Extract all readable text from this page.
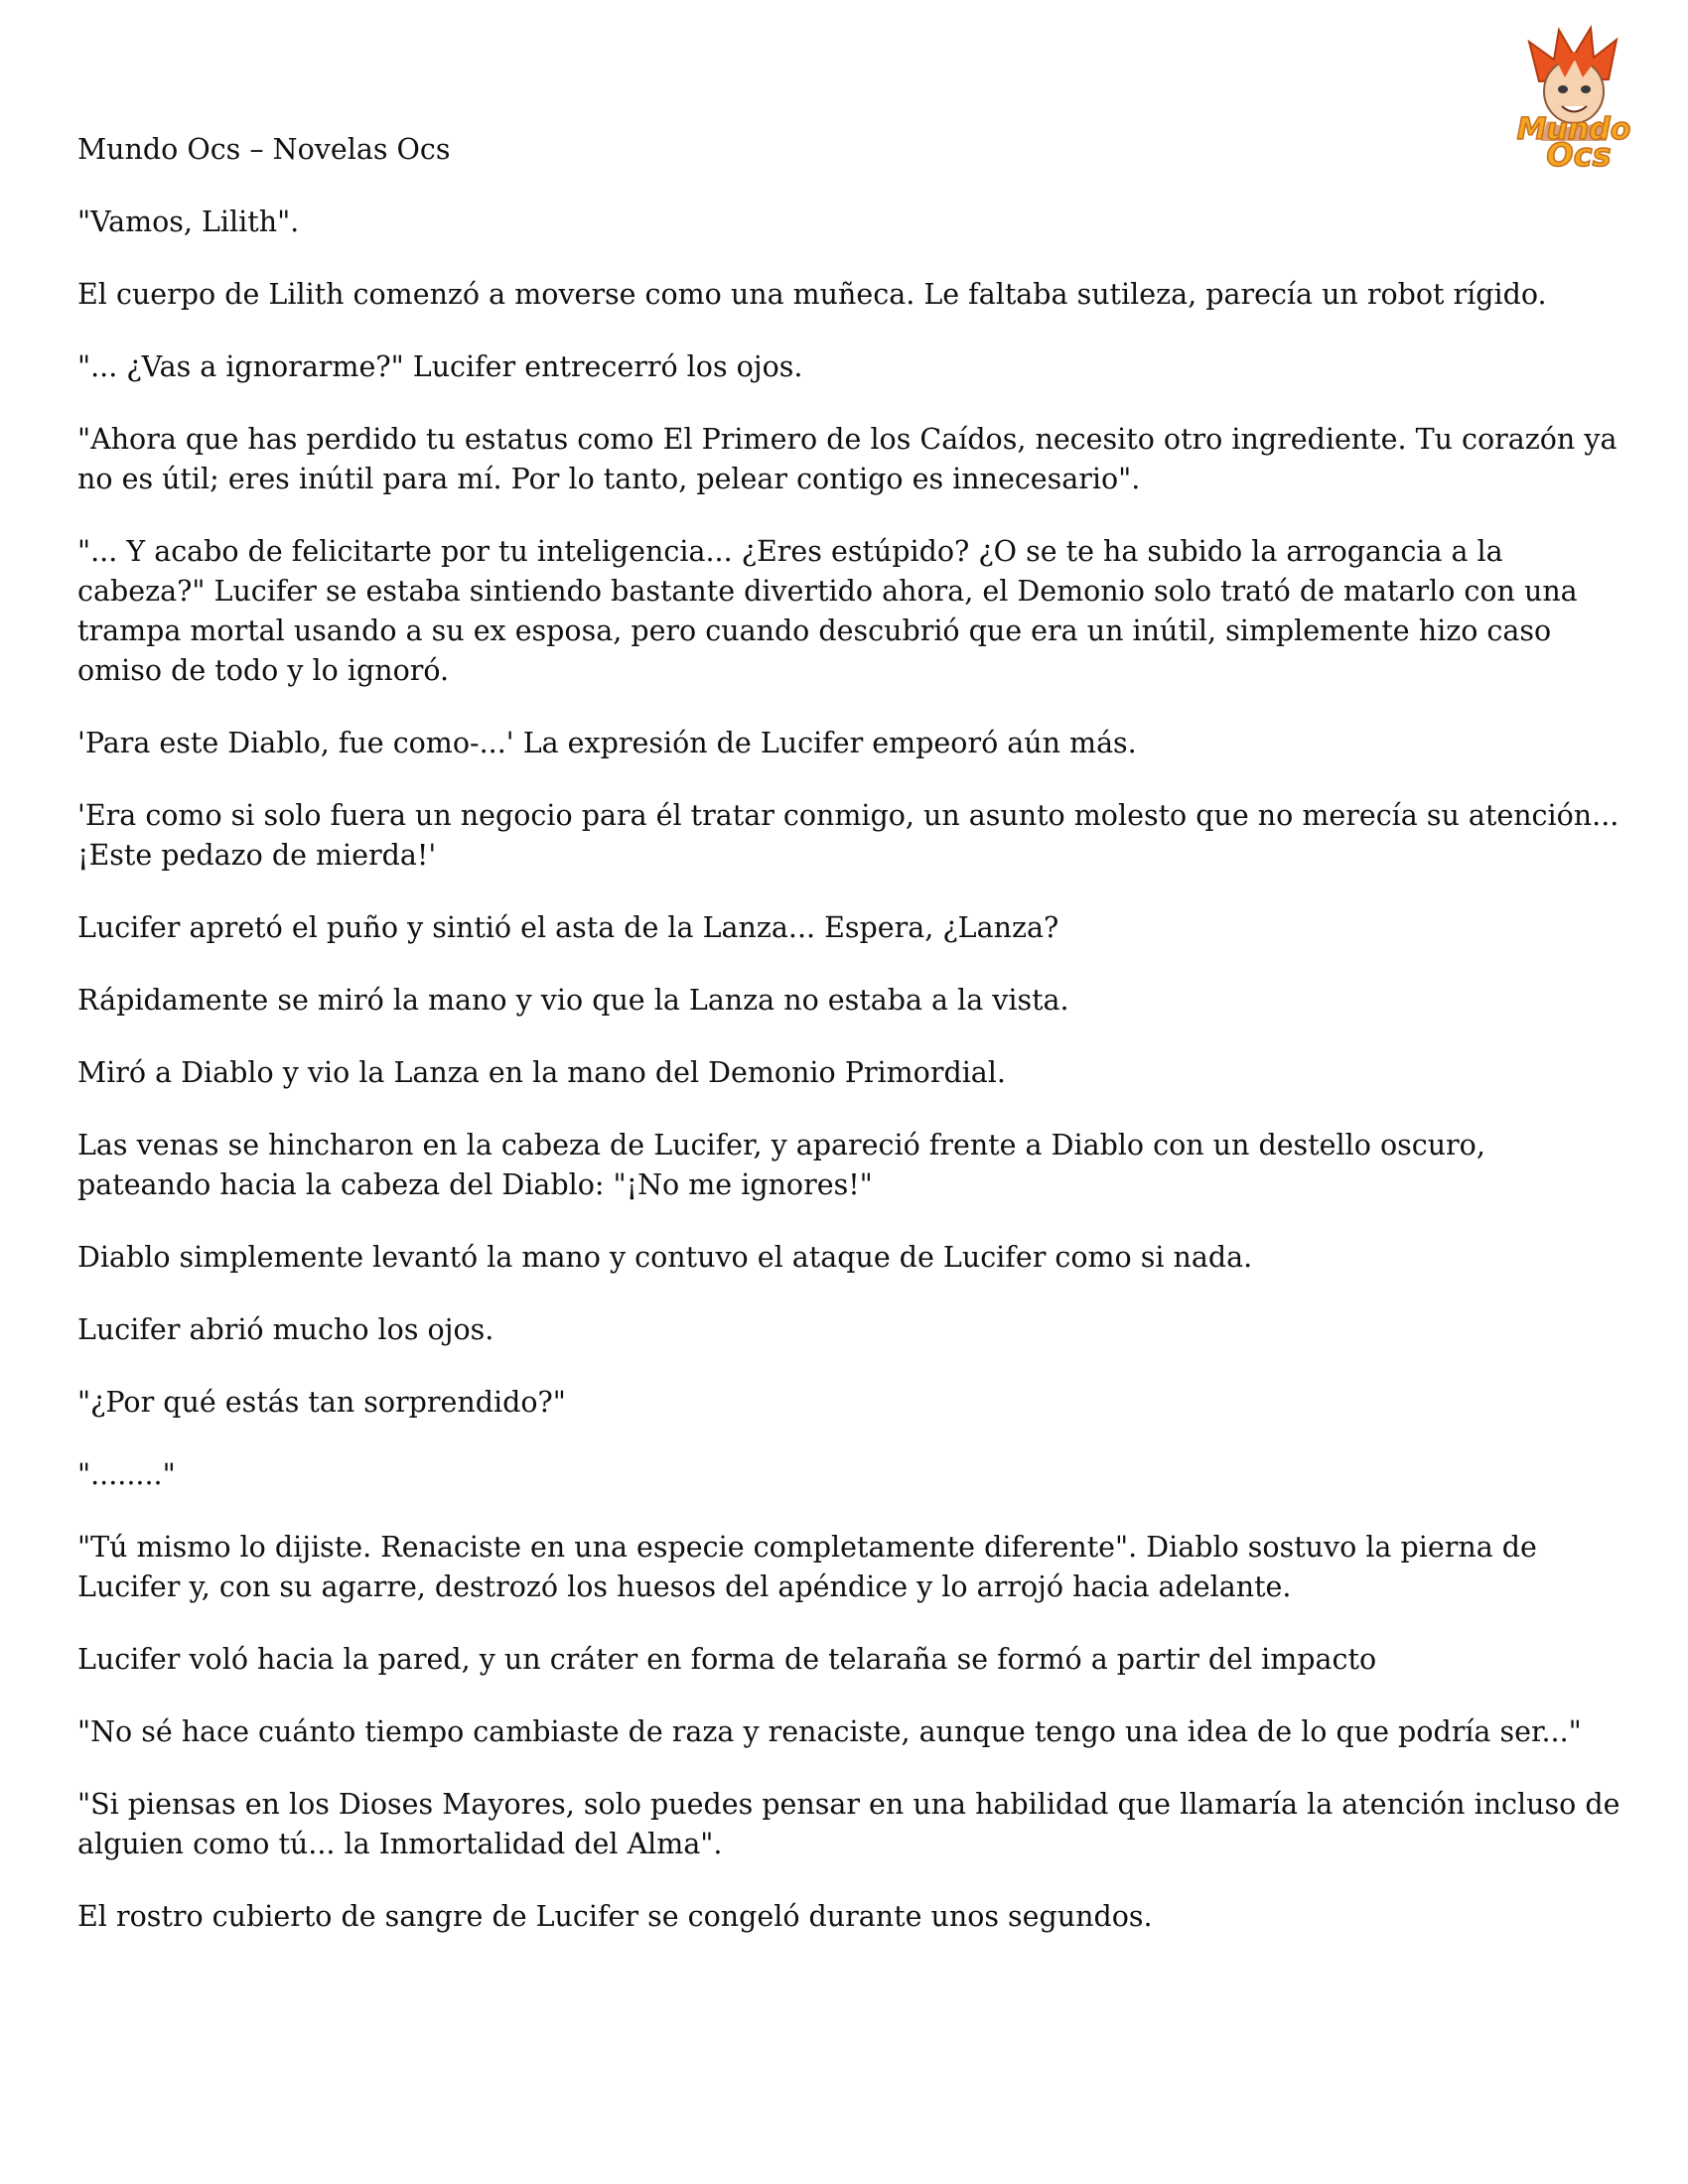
Mundo
Ocs

Mundo Ocs – Novelas Ocs

"Vamos, Lilith".

El cuerpo de Lilith comenzó a moverse como una muñeca. Le faltaba sutileza, parecía un robot rígido.

"... ¿Vas a ignorarme?" Lucifer entrecerró los ojos.

"Ahora que has perdido tu estatus como El Primero de los Caídos, necesito otro ingrediente. Tu corazón ya no es útil; eres inútil para mí. Por lo tanto, pelear contigo es innecesario".

"... Y acabo de felicitarte por tu inteligencia... ¿Eres estúpido? ¿O se te ha subido la arrogancia a la cabeza?" Lucifer se estaba sintiendo bastante divertido ahora, el Demonio solo trató de matarlo con una trampa mortal usando a su ex esposa, pero cuando descubrió que era un inútil, simplemente hizo caso omiso de todo y lo ignoró.

'Para este Diablo, fue como-...' La expresión de Lucifer empeoró aún más.

'Era como si solo fuera un negocio para él tratar conmigo, un asunto molesto que no merecía su atención... ¡Este pedazo de mierda!'

Lucifer apretó el puño y sintió el asta de la Lanza... Espera, ¿Lanza?

Rápidamente se miró la mano y vio que la Lanza no estaba a la vista.

Miró a Diablo y vio la Lanza en la mano del Demonio Primordial.

Las venas se hincharon en la cabeza de Lucifer, y apareció frente a Diablo con un destello oscuro, pateando hacia la cabeza del Diablo: "¡No me ignores!"

Diablo simplemente levantó la mano y contuvo el ataque de Lucifer como si nada.

Lucifer abrió mucho los ojos.

"¿Por qué estás tan sorprendido?"

"........"

"Tú mismo lo dijiste. Renaciste en una especie completamente diferente". Diablo sostuvo la pierna de Lucifer y, con su agarre, destrozó los huesos del apéndice y lo arrojó hacia adelante.

Lucifer voló hacia la pared, y un cráter en forma de telaraña se formó a partir del impacto

"No sé hace cuánto tiempo cambiaste de raza y renaciste, aunque tengo una idea de lo que podría ser..."

"Si piensas en los Dioses Mayores, solo puedes pensar en una habilidad que llamaría la atención incluso de alguien como tú... la Inmortalidad del Alma".

El rostro cubierto de sangre de Lucifer se congeló durante unos segundos.
